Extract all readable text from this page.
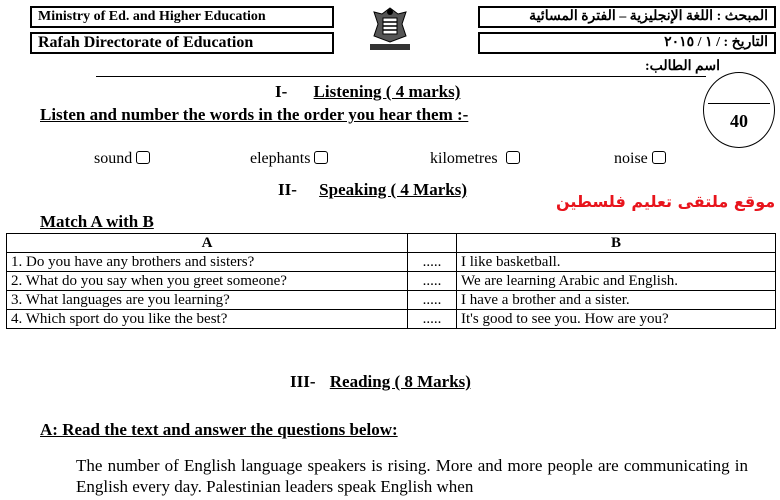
Ministry of Ed. and Higher Education
Rafah Directorate of Education
المبحث : اللغة الإنجليزية – الفترة المسائية
التاريخ : / ١ / ٢٠١٥
اسم الطالب:
40
I- Listening ( 4 marks)
Listen and number the words in the order you hear them :-
sound	elephants	kilometres	noise
II- Speaking ( 4 Marks)
موقع ملتقى تعليم فلسطين
Match A with B
A		B
1. Do you have any brothers and sisters?	.....	I like basketball.
2. What do you say when you greet someone?	.....	We are learning Arabic and English.
3. What languages are you learning?	.....	I have a brother and a sister.
4. Which sport do you like the best?	.....	It's good to see you. How are you?
III- Reading ( 8 Marks)
A: Read the text and answer the questions below:
The number of English language speakers is rising. More and more people are communicating in English every day. Palestinian leaders speak English when
